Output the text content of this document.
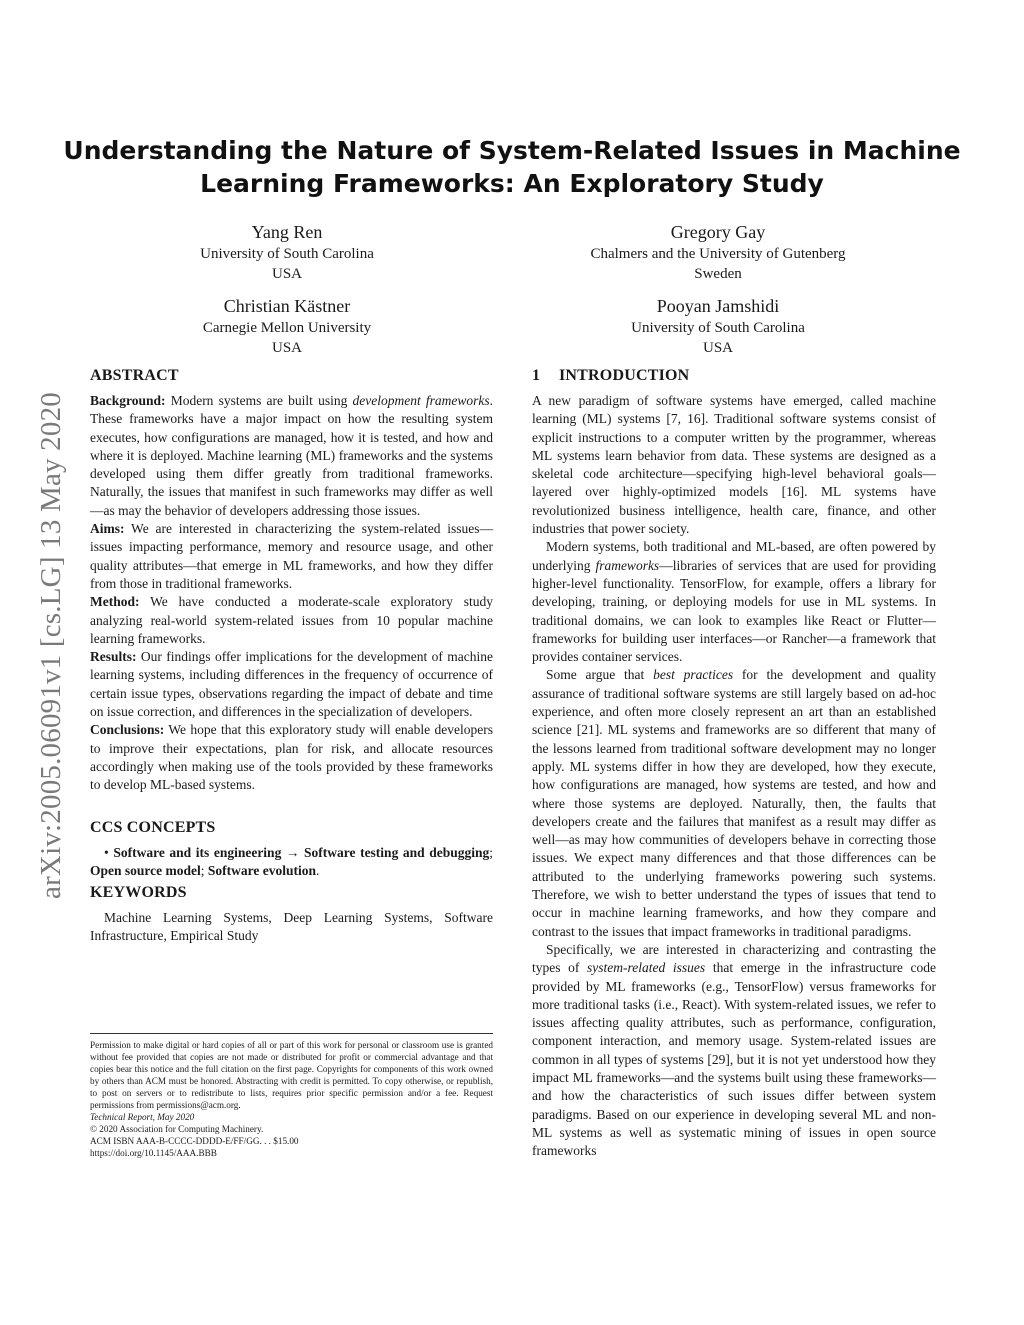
arXiv:2005.06091v1 [cs.LG] 13 May 2020
Understanding the Nature of System-Related Issues in Machine Learning Frameworks: An Exploratory Study
Yang Ren
University of South Carolina
USA
Gregory Gay
Chalmers and the University of Gutenberg
Sweden
Christian Kästner
Carnegie Mellon University
USA
Pooyan Jamshidi
University of South Carolina
USA
ABSTRACT

Background: Modern systems are built using development frameworks. These frameworks have a major impact on how the resulting system executes, how configurations are managed, how it is tested, and how and where it is deployed. Machine learning (ML) frameworks and the systems developed using them differ greatly from traditional frameworks. Naturally, the issues that manifest in such frameworks may differ as well—as may the behavior of developers addressing those issues.

Aims: We are interested in characterizing the system-related issues—issues impacting performance, memory and resource usage, and other quality attributes—that emerge in ML frameworks, and how they differ from those in traditional frameworks.

Method: We have conducted a moderate-scale exploratory study analyzing real-world system-related issues from 10 popular machine learning frameworks.

Results: Our findings offer implications for the development of machine learning systems, including differences in the frequency of occurrence of certain issue types, observations regarding the impact of debate and time on issue correction, and differences in the specialization of developers.

Conclusions: We hope that this exploratory study will enable developers to improve their expectations, plan for risk, and allocate resources accordingly when making use of the tools provided by these frameworks to develop ML-based systems.

CCS CONCEPTS

• Software and its engineering → Software testing and debugging; Open source model; Software evolution.

KEYWORDS

Machine Learning Systems, Deep Learning Systems, Software Infrastructure, Empirical Study

Permission to make digital or hard copies of all or part of this work for personal or classroom use is granted without fee provided that copies are not made or distributed for profit or commercial advantage and that copies bear this notice and the full citation on the first page. Copyrights for components of this work owned by others than ACM must be honored. Abstracting with credit is permitted. To copy otherwise, or republish, to post on servers or to redistribute to lists, requires prior specific permission and/or a fee. Request permissions from permissions@acm.org.

Technical Report, May 2020

© 2020 Association for Computing Machinery.

ACM ISBN AAA-B-CCCC-DDDD-E/FF/GG. . . $15.00

https://doi.org/10.1145/AAA.BBB

1 INTRODUCTION

A new paradigm of software systems have emerged, called machine learning (ML) systems [7, 16]. Traditional software systems consist of explicit instructions to a computer written by the programmer, whereas ML systems learn behavior from data. These systems are designed as a skeletal code architecture—specifying high-level behavioral goals—layered over highly-optimized models [16]. ML systems have revolutionized business intelligence, health care, finance, and other industries that power society.

Modern systems, both traditional and ML-based, are often powered by underlying frameworks—libraries of services that are used for providing higher-level functionality. TensorFlow, for example, offers a library for developing, training, or deploying models for use in ML systems. In traditional domains, we can look to examples like React or Flutter—frameworks for building user interfaces—or Rancher—a framework that provides container services.

Some argue that best practices for the development and quality assurance of traditional software systems are still largely based on ad-hoc experience, and often more closely represent an art than an established science [21]. ML systems and frameworks are so different that many of the lessons learned from traditional software development may no longer apply. ML systems differ in how they are developed, how they execute, how configurations are managed, how systems are tested, and how and where those systems are deployed. Naturally, then, the faults that developers create and the failures that manifest as a result may differ as well—as may how communities of developers behave in correcting those issues. We expect many differences and that those differences can be attributed to the underlying frameworks powering such systems. Therefore, we wish to better understand the types of issues that tend to occur in machine learning frameworks, and how they compare and contrast to the issues that impact frameworks in traditional paradigms.

Specifically, we are interested in characterizing and contrasting the types of system-related issues that emerge in the infrastructure code provided by ML frameworks (e.g., TensorFlow) versus frameworks for more traditional tasks (i.e., React). With system-related issues, we refer to issues affecting quality attributes, such as performance, configuration, component interaction, and memory usage. System-related issues are common in all types of systems [29], but it is not yet understood how they impact ML frameworks—and the systems built using these frameworks—and how the characteristics of such issues differ between system paradigms. Based on our experience in developing several ML and non-ML systems as well as systematic mining of issues in open source frameworks
